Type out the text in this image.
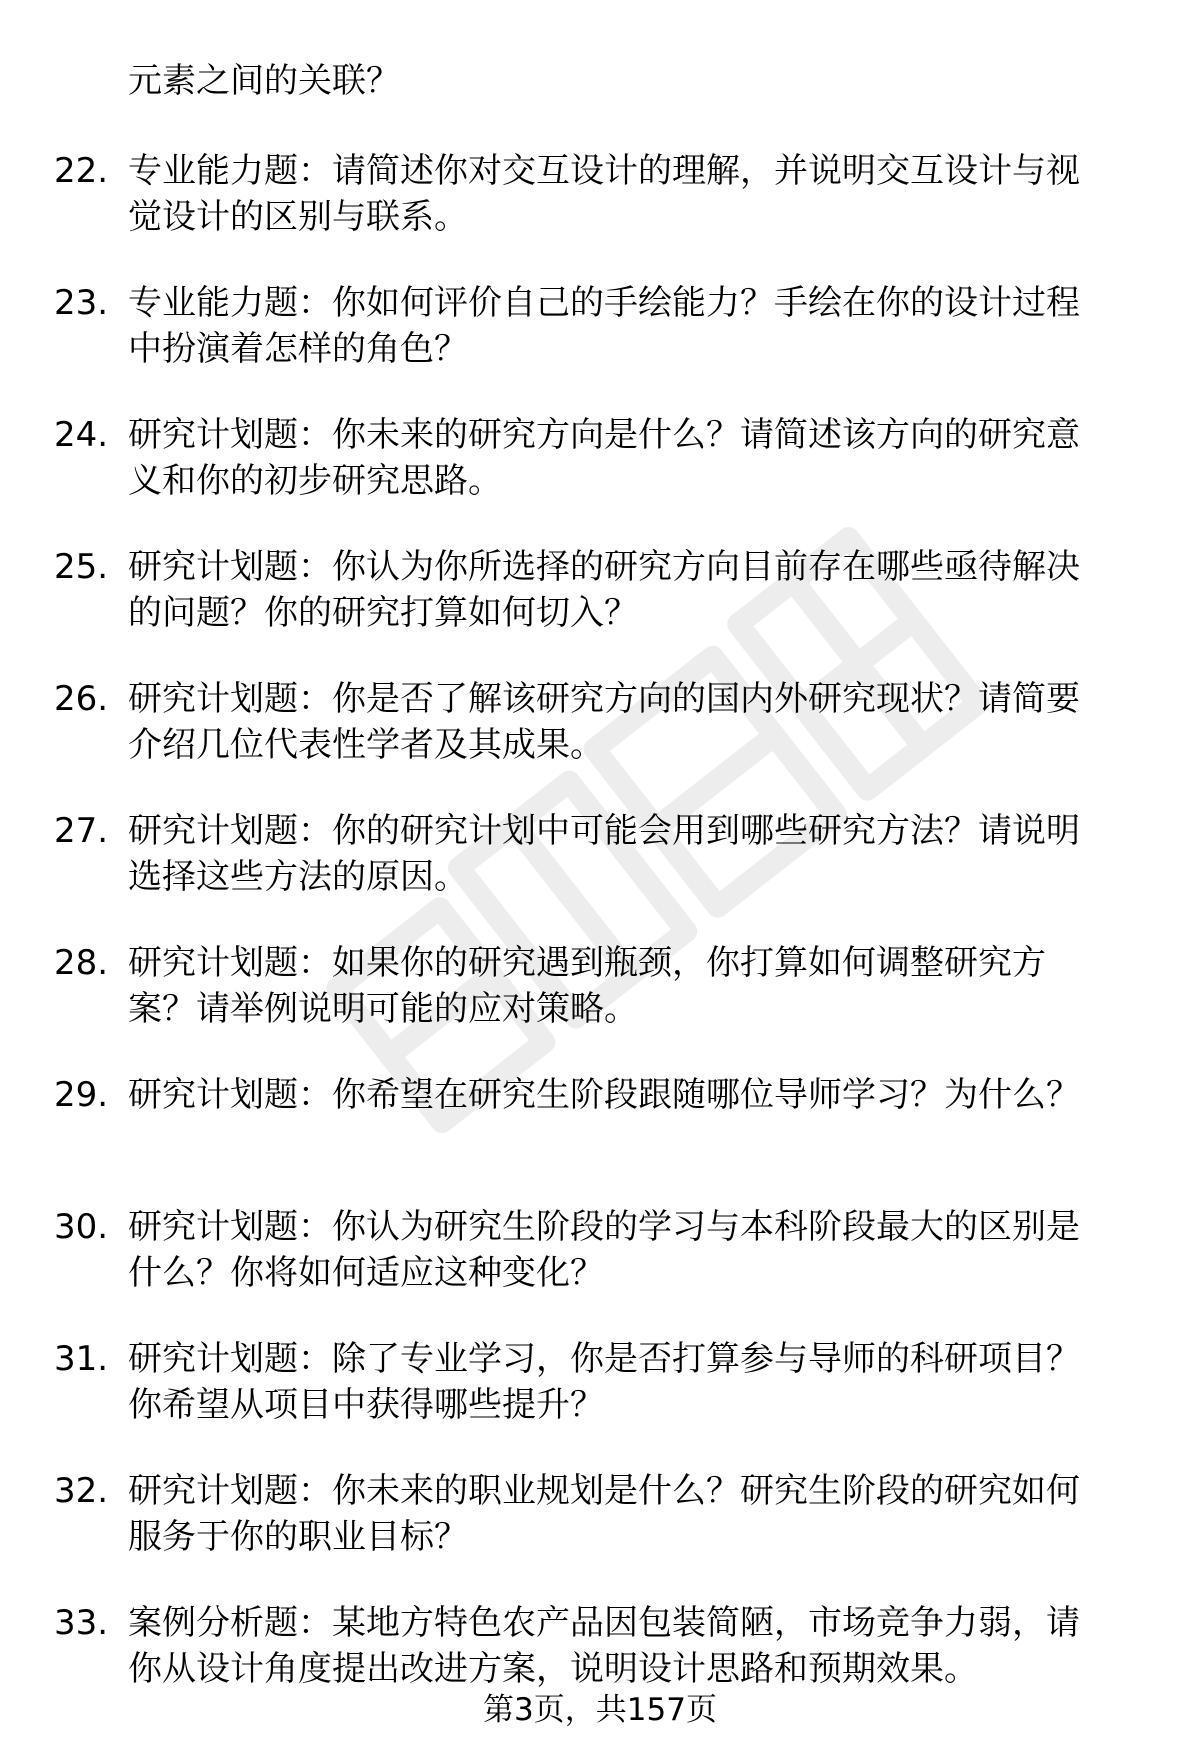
元素之间的关联？
22. 专业能力题：请简述你对交互设计的理解，并说明交互设计与视
觉设计的区别与联系。
23. 专业能力题：你如何评价自己的手绘能力？手绘在你的设计过程
中扮演着怎样的角色？
24. 研究计划题：你未来的研究方向是什么？请简述该方向的研究意
义和你的初步研究思路。
25. 研究计划题：你认为你所选择的研究方向目前存在哪些亟待解决
的问题？你的研究打算如何切入？
26. 研究计划题：你是否了解该研究方向的国内外研究现状？请简要
介绍几位代表性学者及其成果。
27. 研究计划题：你的研究计划中可能会用到哪些研究方法？请说明
选择这些方法的原因。
28. 研究计划题：如果你的研究遇到瓶颈，你打算如何调整研究方
案？请举例说明可能的应对策略。
29. 研究计划题：你希望在研究生阶段跟随哪位导师学习？为什么？
30. 研究计划题：你认为研究生阶段的学习与本科阶段最大的区别是
什么？你将如何适应这种变化？
31. 研究计划题：除了专业学习，你是否打算参与导师的科研项目？
你希望从项目中获得哪些提升？
32. 研究计划题：你未来的职业规划是什么？研究生阶段的研究如何
服务于你的职业目标？
33. 案例分析题：某地方特色农产品因包装简陋，市场竞争力弱，请
你从设计角度提出改进方案，说明设计思路和预期效果。
第3页，共157页
